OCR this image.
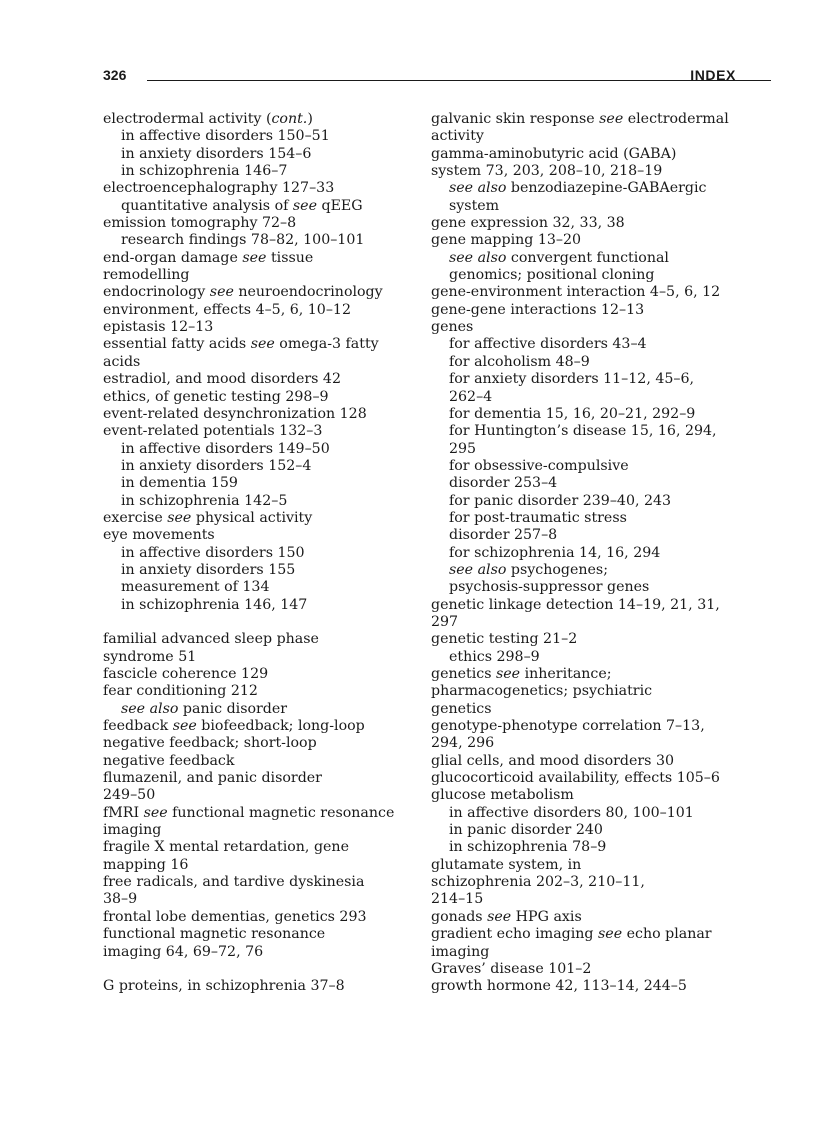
326	INDEX
electrodermal activity (cont.)
in affective disorders 150–51
in anxiety disorders 154–6
in schizophrenia 146–7
electroencephalography 127–33
quantitative analysis of see qEEG
emission tomography 72–8
research findings 78–82, 100–101
end-organ damage see tissue
remodelling
endocrinology see neuroendocrinology
environment, effects 4–5, 6, 10–12
epistasis 12–13
essential fatty acids see omega-3 fatty
acids
estradiol, and mood disorders 42
ethics, of genetic testing 298–9
event-related desynchronization 128
event-related potentials 132–3
in affective disorders 149–50
in anxiety disorders 152–4
in dementia 159
in schizophrenia 142–5
exercise see physical activity
eye movements
in affective disorders 150
in anxiety disorders 155
measurement of 134
in schizophrenia 146, 147
familial advanced sleep phase
syndrome 51
fascicle coherence 129
fear conditioning 212
see also panic disorder
feedback see biofeedback; long-loop
negative feedback; short-loop
negative feedback
flumazenil, and panic disorder
249–50
fMRI see functional magnetic resonance
imaging
fragile X mental retardation, gene
mapping 16
free radicals, and tardive dyskinesia
38–9
frontal lobe dementias, genetics 293
functional magnetic resonance
imaging 64, 69–72, 76
G proteins, in schizophrenia 37–8
galvanic skin response see electrodermal
activity
gamma-aminobutyric acid (GABA)
system 73, 203, 208–10, 218–19
see also benzodiazepine-GABAergic
system
gene expression 32, 33, 38
gene mapping 13–20
see also convergent functional
genomics; positional cloning
gene-environment interaction 4–5, 6, 12
gene-gene interactions 12–13
genes
for affective disorders 43–4
for alcoholism 48–9
for anxiety disorders 11–12, 45–6,
262–4
for dementia 15, 16, 20–21, 292–9
for Huntington’s disease 15, 16, 294,
295
for obsessive-compulsive
disorder 253–4
for panic disorder 239–40, 243
for post-traumatic stress
disorder 257–8
for schizophrenia 14, 16, 294
see also psychogenes;
psychosis-suppressor genes
genetic linkage detection 14–19, 21, 31,
297
genetic testing 21–2
ethics 298–9
genetics see inheritance;
pharmacogenetics; psychiatric
genetics
genotype-phenotype correlation 7–13,
294, 296
glial cells, and mood disorders 30
glucocorticoid availability, effects 105–6
glucose metabolism
in affective disorders 80, 100–101
in panic disorder 240
in schizophrenia 78–9
glutamate system, in
schizophrenia 202–3, 210–11,
214–15
gonads see HPG axis
gradient echo imaging see echo planar
imaging
Graves’ disease 101–2
growth hormone 42, 113–14, 244–5
